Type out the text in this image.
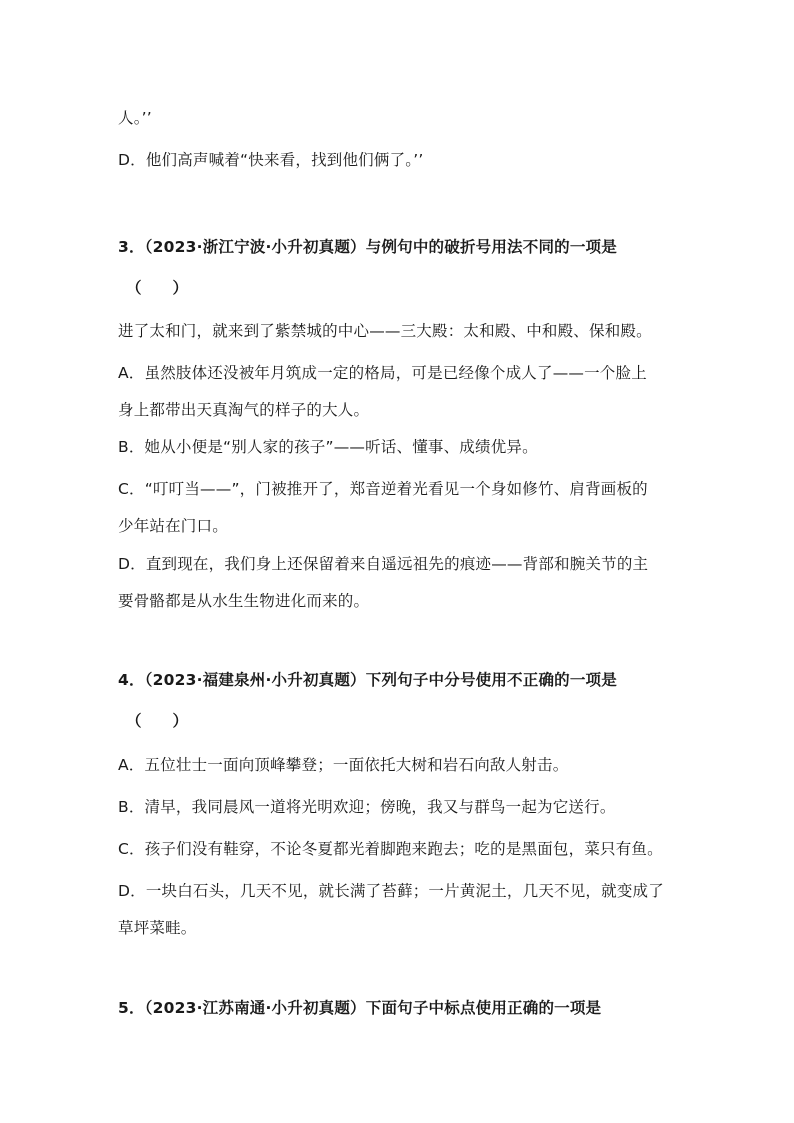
人。’’
D．他们高声喊着“快来看，找到他们俩了。’’
3．（2023·浙江宁波·小升初真题）与例句中的破折号用法不同的一项是
（　　）
进了太和门，就来到了紫禁城的中心——三大殿：太和殿、中和殿、保和殿。
A．虽然肢体还没被年月筑成一定的格局，可是已经像个成人了——一个脸上
身上都带出天真淘气的样子的大人。
B．她从小便是“别人家的孩子”——听话、懂事、成绩优异。
C．“叮叮当——”，门被推开了，郑音逆着光看见一个身如修竹、肩背画板的
少年站在门口。
D．直到现在，我们身上还保留着来自遥远祖先的痕迹——背部和腕关节的主
要骨骼都是从水生生物进化而来的。
4．（2023·福建泉州·小升初真题）下列句子中分号使用不正确的一项是
（　　）
A．五位壮士一面向顶峰攀登；一面依托大树和岩石向敌人射击。
B．清早，我同晨风一道将光明欢迎；傍晚，我又与群鸟一起为它送行。
C．孩子们没有鞋穿，不论冬夏都光着脚跑来跑去；吃的是黑面包，菜只有鱼。
D．一块白石头，几天不见，就长满了苔藓；一片黄泥土，几天不见，就变成了
草坪菜畦。
5．（2023·江苏南通·小升初真题）下面句子中标点使用正确的一项是
